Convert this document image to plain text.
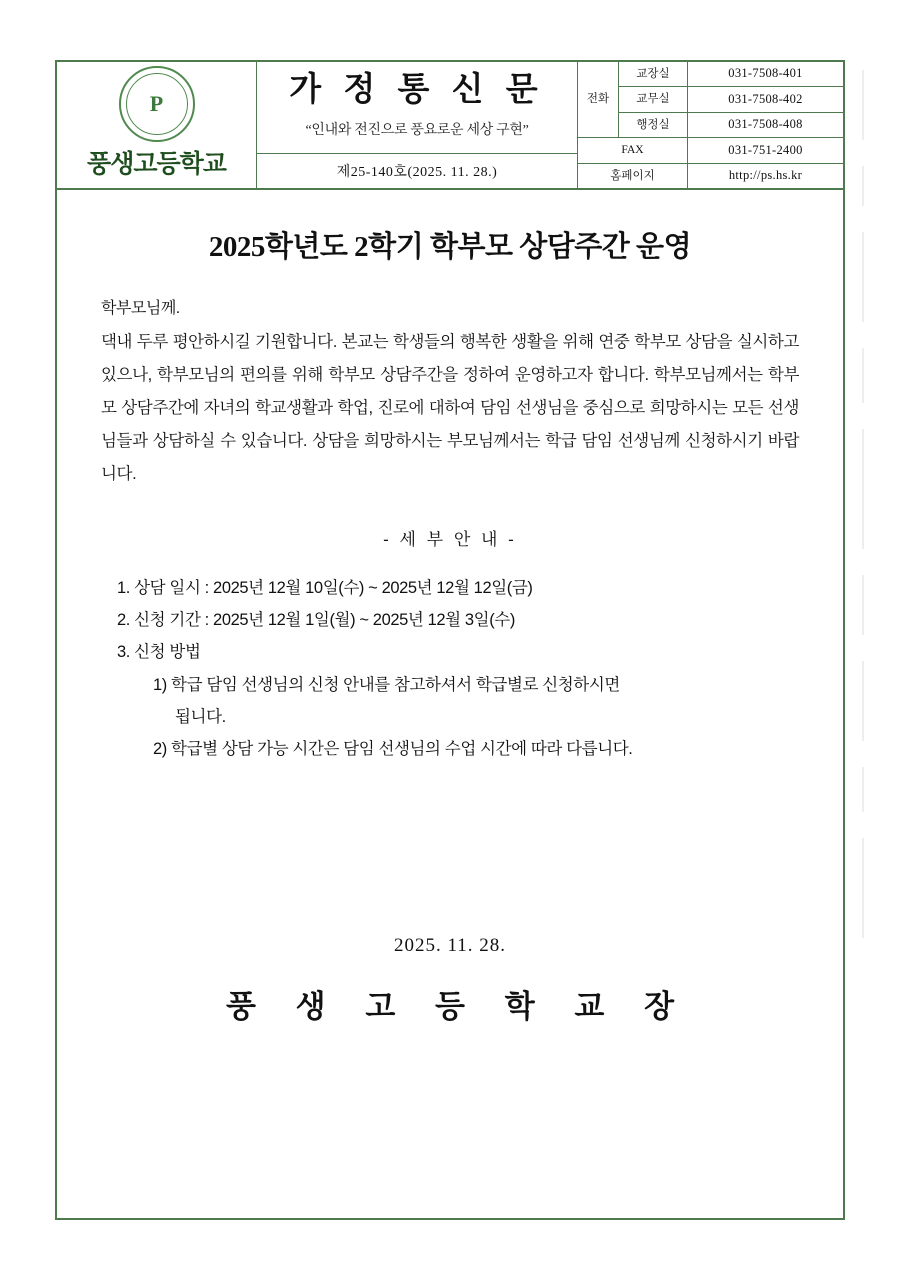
P
풍생고등학교
가 정 통 신 문
“인내와 전진으로 풍요로운 세상 구현”
제25-140호(2025. 11. 28.)
전화	교장실	031-7508-401
	교무실	031-7508-402
	행정실	031-7508-408
FAX		031-751-2400
홈페이지		http://ps.hs.kr
2025학년도 2학기 학부모 상담주간 운영
학부모님께.
댁내 두루 평안하시길 기원합니다. 본교는 학생들의 행복한 생활을 위해 연중 학부모 상담을 실시하고 있으나, 학부모님의 편의를 위해 학부모 상담주간을 정하여 운영하고자 합니다. 학부모님께서는 학부모 상담주간에 자녀의 학교생활과 학업, 진로에 대하여 담임 선생님을 중심으로 희망하시는 모든 선생님들과 상담하실 수 있습니다. 상담을 희망하시는 부모님께서는 학급 담임 선생님께 신청하시기 바랍니다.
- 세 부 안 내 -
1. 상담 일시 : 2025년 12월 10일(수) ~ 2025년 12월 12일(금)
2. 신청 기간 : 2025년 12월 1일(월) ~ 2025년 12월 3일(수)
3. 신청 방법
1) 학급 담임 선생님의 신청 안내를 참고하셔서 학급별로 신청하시면
됩니다.
2) 학급별 상담 가능 시간은 담임 선생님의 수업 시간에 따라 다릅니다.
2025. 11. 28.
풍 생 고 등 학 교 장
